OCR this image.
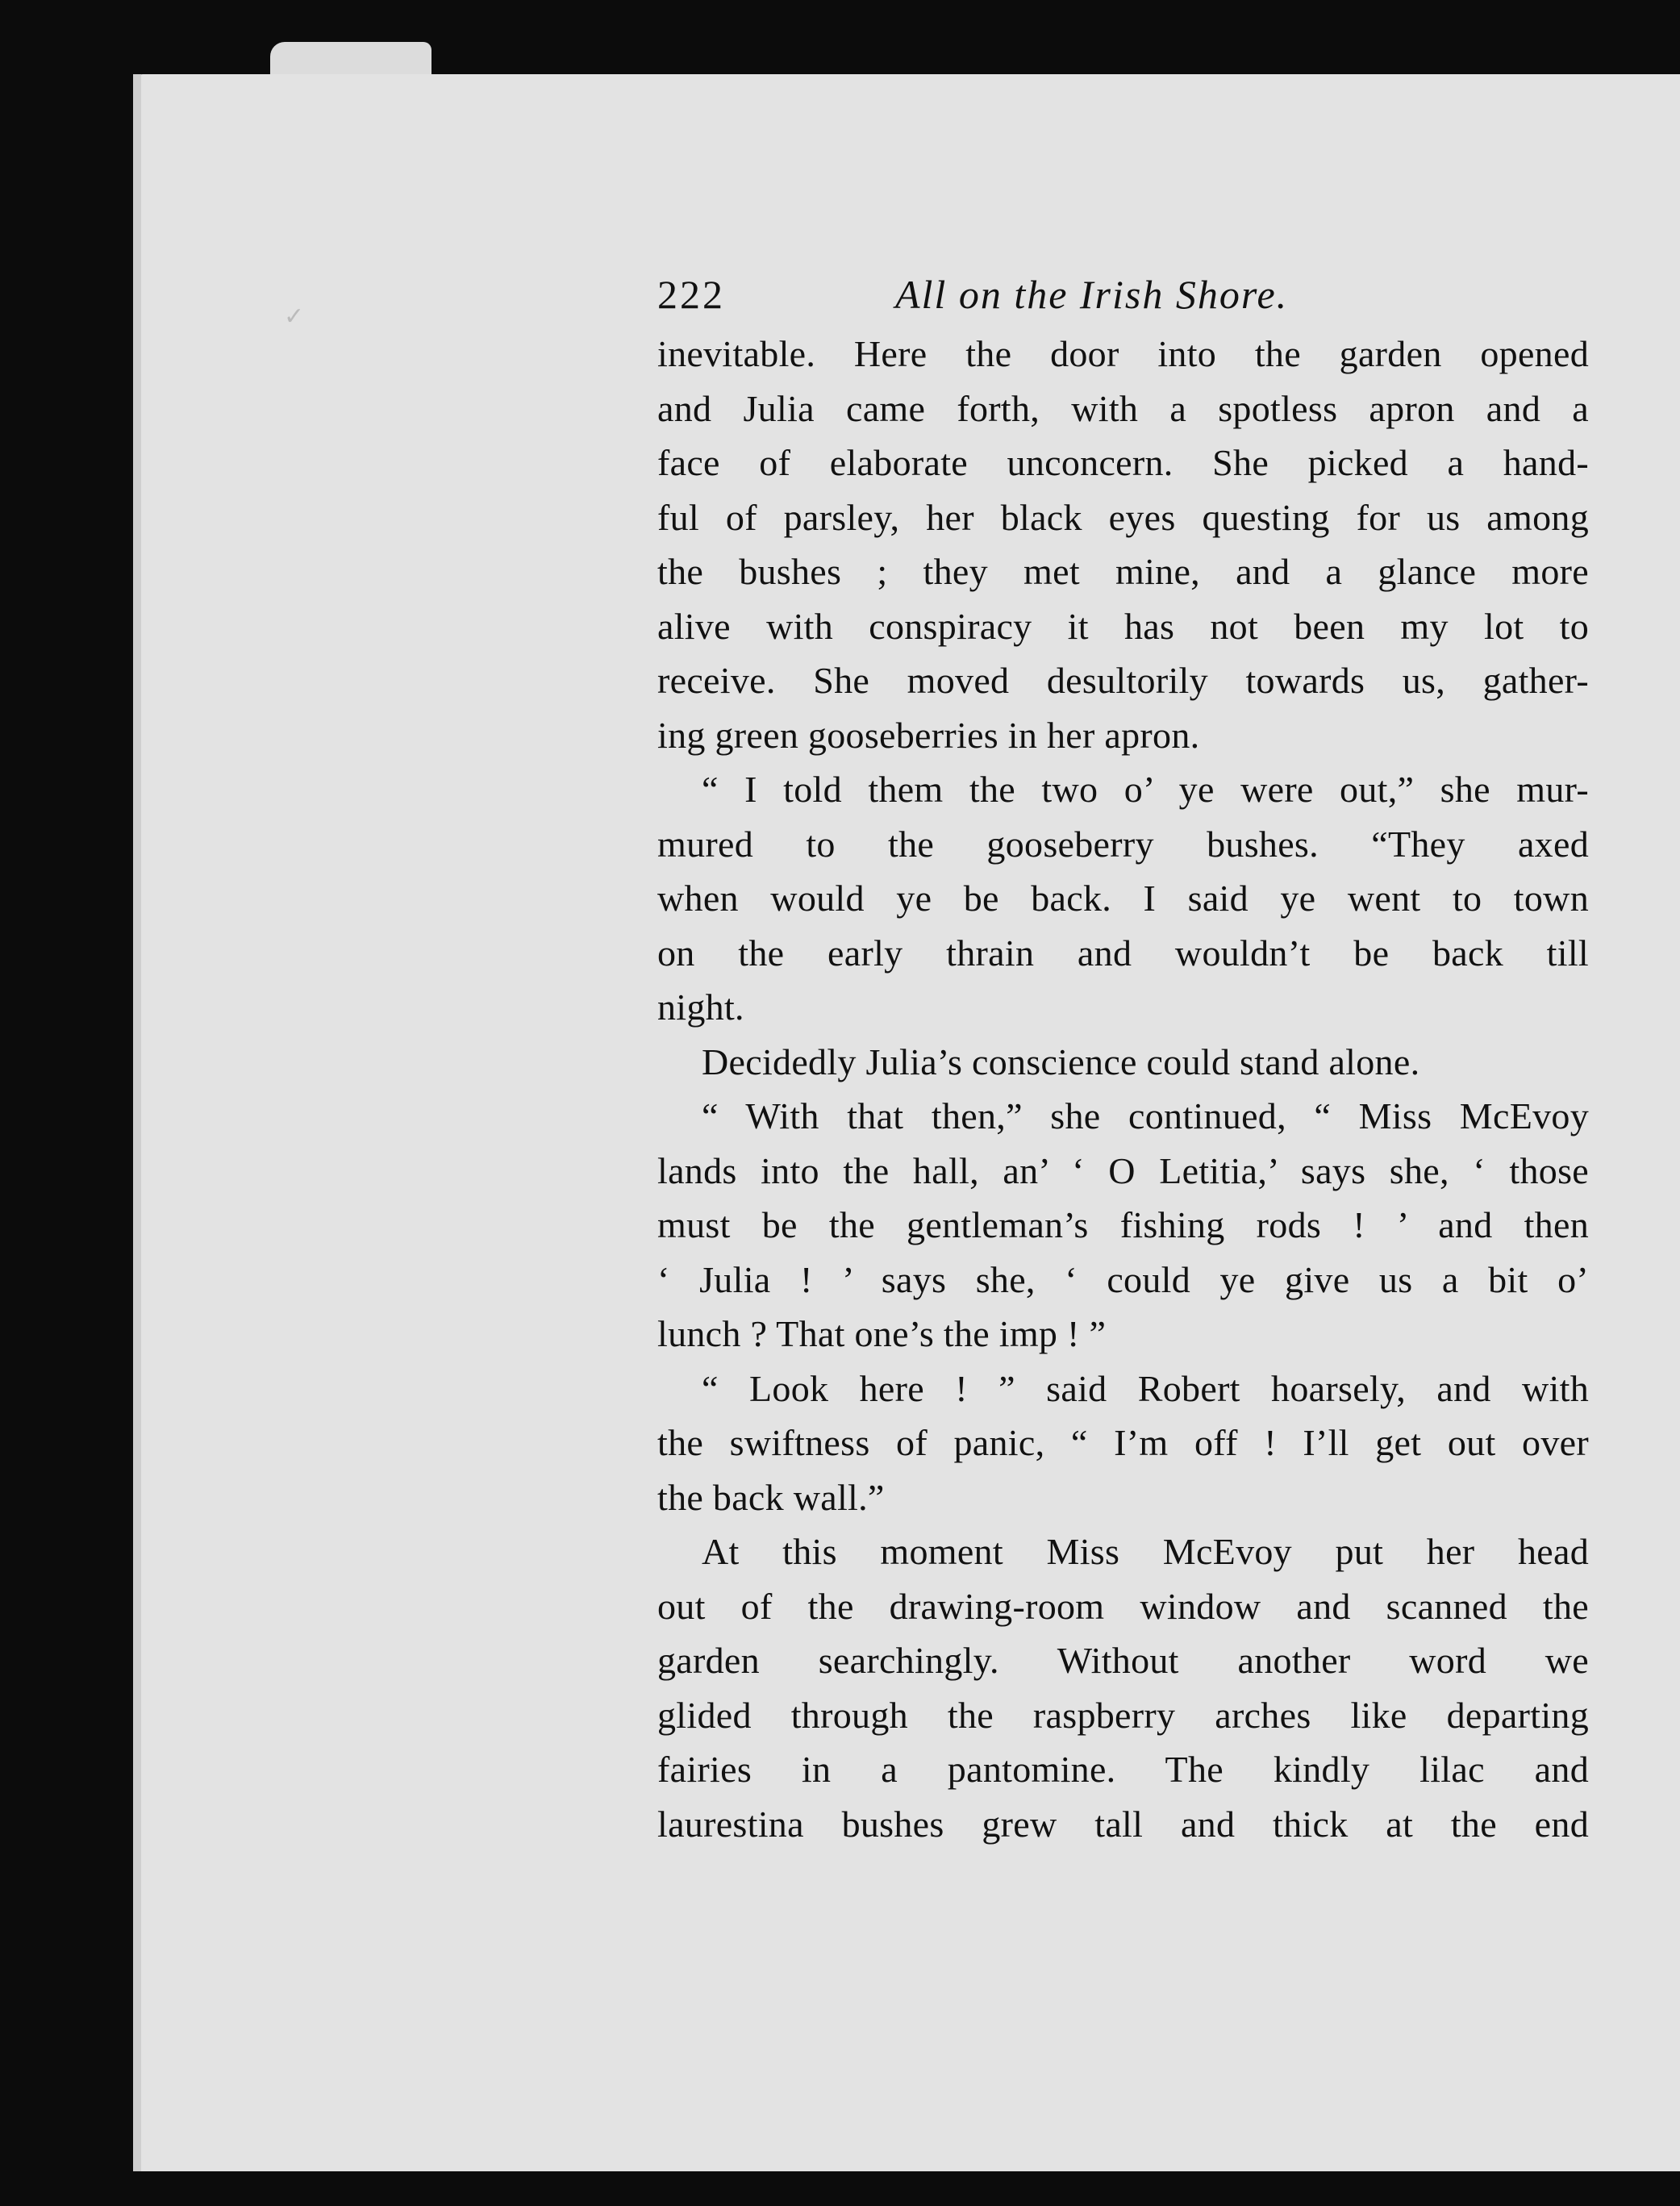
✓	222	All on the Irish Shore.
inevitable. Here the door into the garden opened
and Julia came forth, with a spotless apron and a
face of elaborate unconcern. She picked a hand-
ful of parsley, her black eyes questing for us among
the bushes ; they met mine, and a glance more
alive with conspiracy it has not been my lot to
receive. She moved desultorily towards us, gather-
ing green gooseberries in her apron.
“ I told them the two o’ ye were out,” she mur-
mured to the gooseberry bushes. “They axed
when would ye be back. I said ye went to town
on the early thrain and wouldn’t be back till
night.
Decidedly Julia’s conscience could stand alone.
“ With that then,” she continued, “ Miss McEvoy
lands into the hall, an’ ‘ O Letitia,’ says she, ‘ those
must be the gentleman’s fishing rods ! ’ and then
‘ Julia ! ’ says she, ‘ could ye give us a bit o’
lunch ? That one’s the imp ! ”
“ Look here ! ” said Robert hoarsely, and with
the swiftness of panic, “ I’m off ! I’ll get out over
the back wall.”
At this moment Miss McEvoy put her head
out of the drawing-room window and scanned the
garden searchingly. Without another word we
glided through the raspberry arches like departing
fairies in a pantomine. The kindly lilac and
laurestina bushes grew tall and thick at the end
